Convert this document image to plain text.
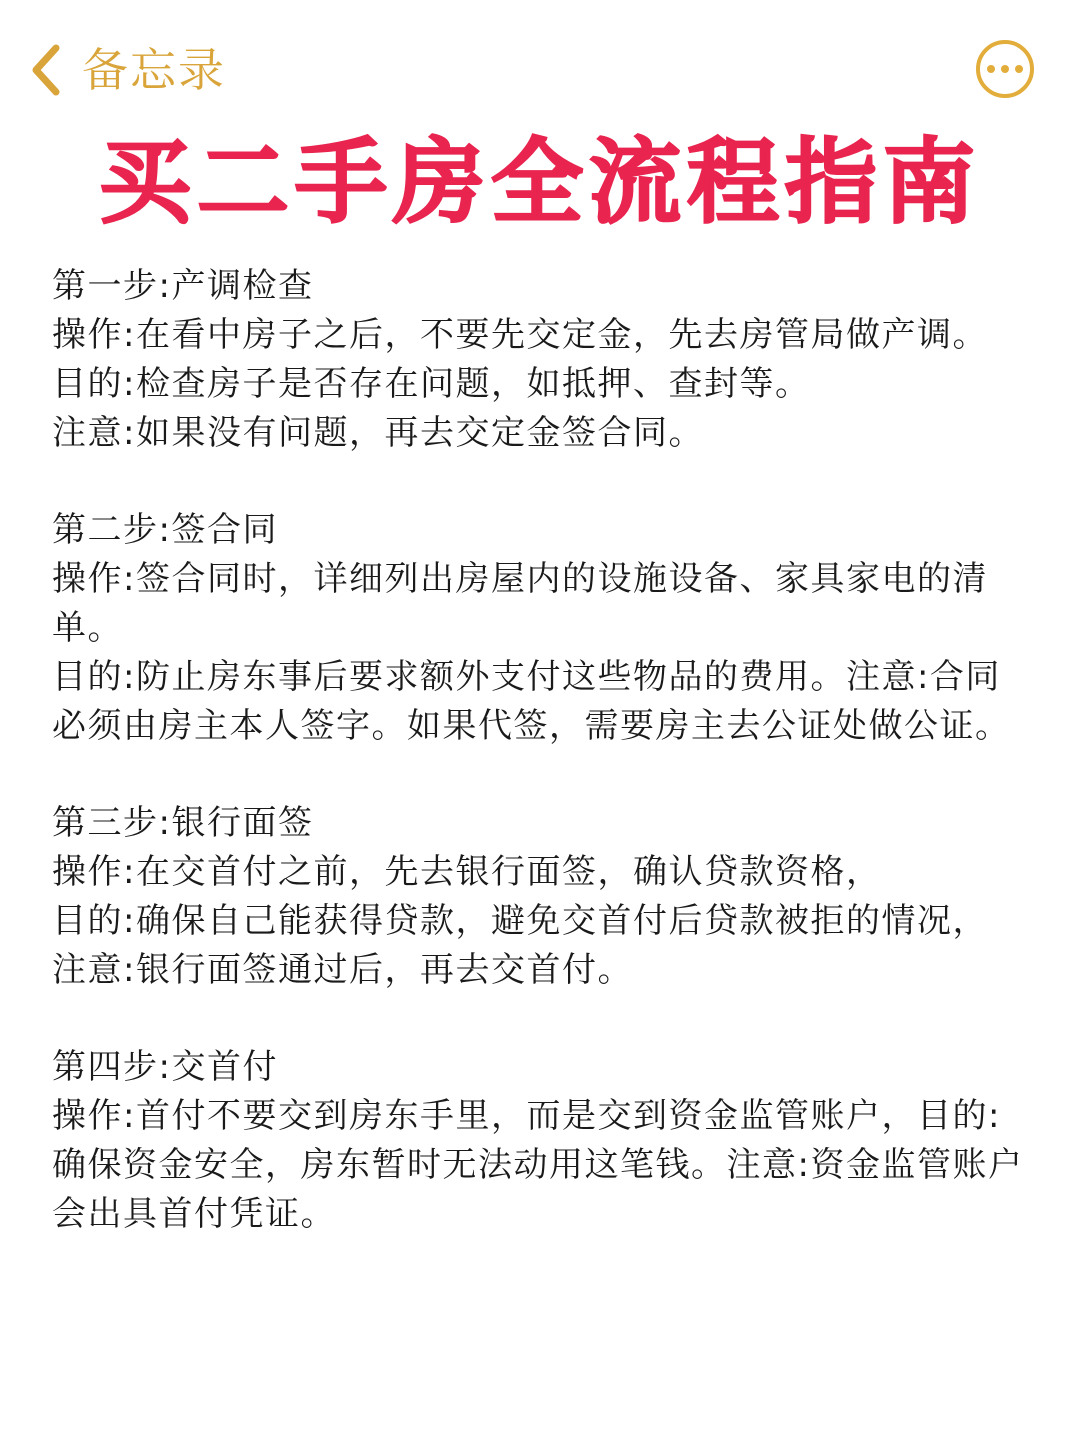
备忘录
买二手房全流程指南

第一步:产调检查

操作:在看中房子之后，不要先交定金，先去房管局做产调。

目的:检查房子是否存在问题，如抵押、查封等。

注意:如果没有问题，再去交定金签合同。

第二步:签合同

操作:签合同时，详细列出房屋内的设施设备、家具家电的清单。

目的:防止房东事后要求额外支付这些物品的费用。注意:合同必须由房主本人签字。如果代签，需要房主去公证处做公证。

第三步:银行面签

操作:在交首付之前，先去银行面签，确认贷款资格，

目的:确保自己能获得贷款，避免交首付后贷款被拒的情况，

注意:银行面签通过后，再去交首付。

第四步:交首付

操作:首付不要交到房东手里，而是交到资金监管账户，目的:确保资金安全，房东暂时无法动用这笔钱。注意:资金监管账户会出具首付凭证。
